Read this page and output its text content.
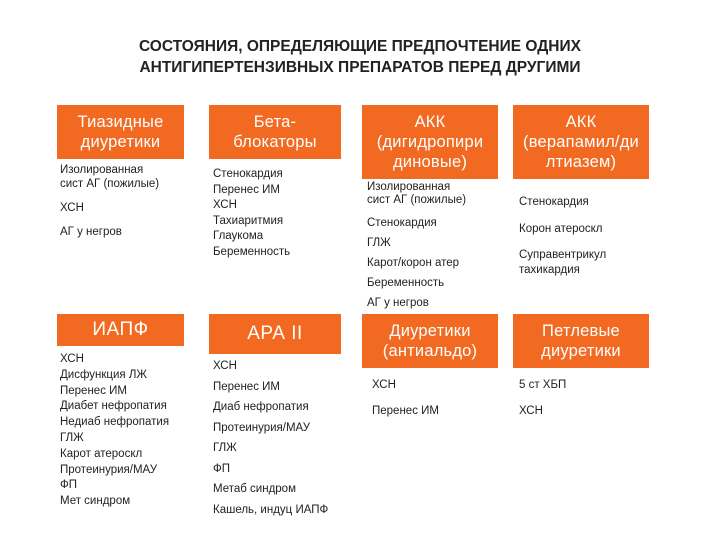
СОСТОЯНИЯ, ОПРЕДЕЛЯЮЩИЕ ПРЕДПОЧТЕНИЕ ОДНИХ
АНТИГИПЕРТЕНЗИВНЫХ ПРЕПАРАТОВ ПЕРЕД ДРУГИМИ
Тиазидные
диуретики
Бета-
блокаторы
АКК
(дигидропири
диновые)
АКК
(верапамил/ди
лтиазем)
Изолированная
сист АГ (пожилые)
ХСН
АГ у негров
Стенокардия
Перенес ИМ
ХСН
Тахиаритмия
Глаукома
Беременность
Изолированная
сист АГ (пожилые)
Стенокардия
ГЛЖ
Карот/корон атер
Беременность
АГ у негров
Стенокардия
Корон атероскл
Суправентрикул
тахикардия
ИАПФ	АРА II	Диуретики
(антиальдо)
Петлевые
диуретики
ХСН
Дисфункция ЛЖ
Перенес ИМ
Диабет нефропатия
Недиаб нефропатия
ГЛЖ
Карот атероскл
Протеинурия/МАУ
ФП
Мет синдром
ХСН
Перенес ИМ
Диаб нефропатия
Протеинурия/МАУ
ГЛЖ
ФП
Метаб синдром
Кашель, индуц ИАПФ
ХСН
Перенес ИМ
5 ст ХБП
ХСН
